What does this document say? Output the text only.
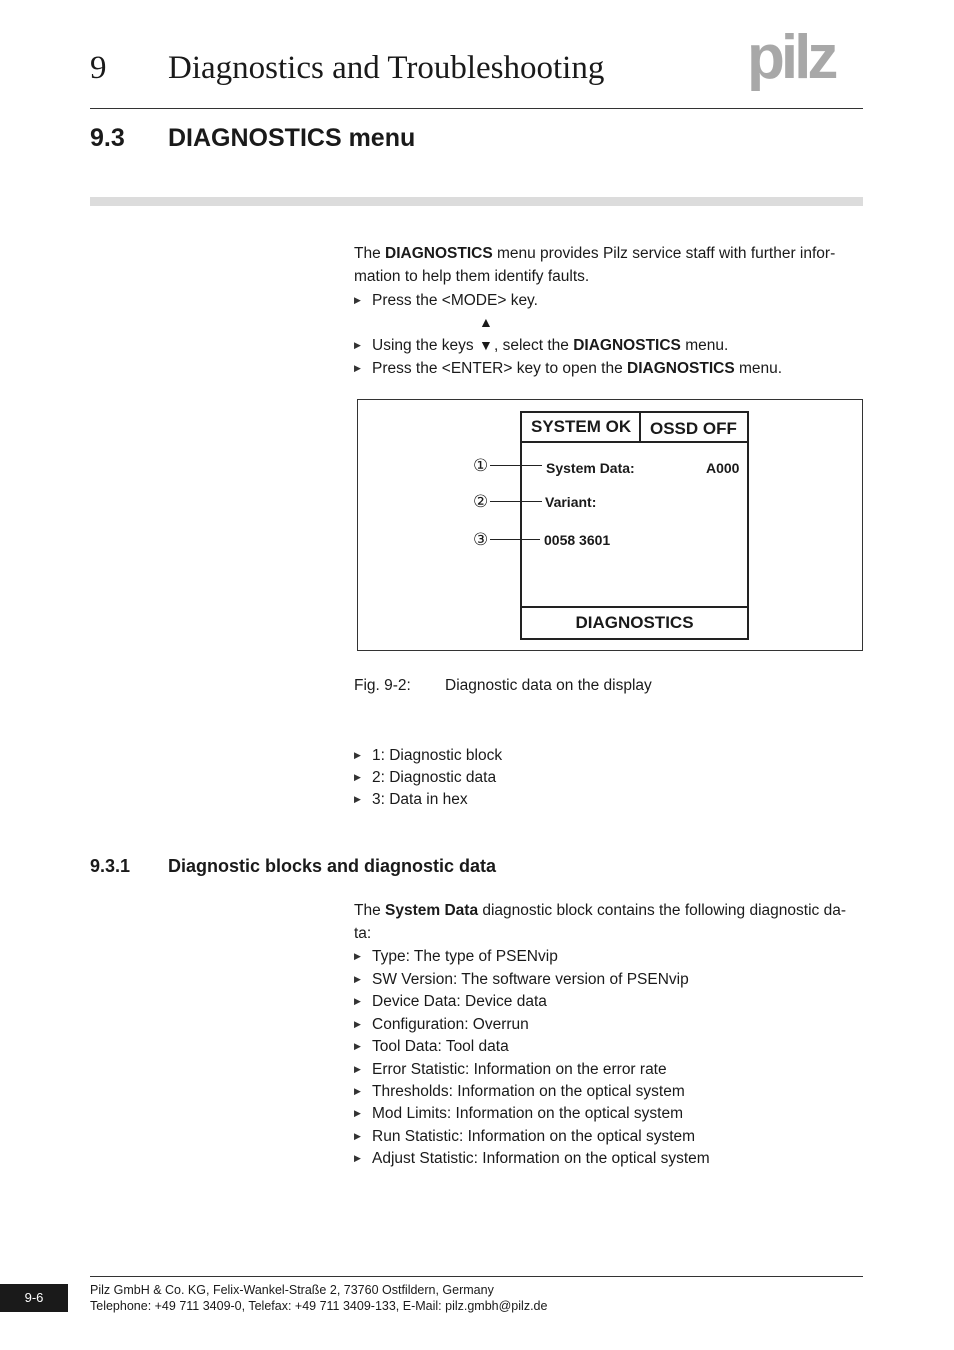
9 Diagnostics and Troubleshooting pilz
9.3 DIAGNOSTICS menu
The DIAGNOSTICS menu provides Pilz service staff with further infor-
mation to help them identify faults.
▶ Press the <MODE> key.
▶ Using the keys
▲
▼, select the DIAGNOSTICS menu.
▶ Press the <ENTER> key to open the DIAGNOSTICS menu.
SYSTEM OK OSSD OFF
System Data:	A000
Variant:
0058 3601
DIAGNOSTICS
①
②
③
Fig. 9-2: Diagnostic data on the display
▶ 1: Diagnostic block
▶ 2: Diagnostic data
▶ 3: Data in hex
9.3.1 Diagnostic blocks and diagnostic data
The System Data diagnostic block contains the following diagnostic da-
ta:
▶ Type: The type of PSENvip
▶ SW Version: The software version of PSENvip
▶ Device Data: Device data
▶ Configuration: Overrun
▶ Tool Data: Tool data
▶ Error Statistic: Information on the error rate
▶ Thresholds: Information on the optical system
▶ Mod Limits: Information on the optical system
▶ Run Statistic: Information on the optical system
▶ Adjust Statistic: Information on the optical system
9-6	Pilz GmbH & Co. KG, Felix-Wankel-Straße 2, 73760 Ostfildern, Germany
Telephone: +49 711 3409-0, Telefax: +49 711 3409-133, E-Mail: pilz.gmbh@pilz.de
